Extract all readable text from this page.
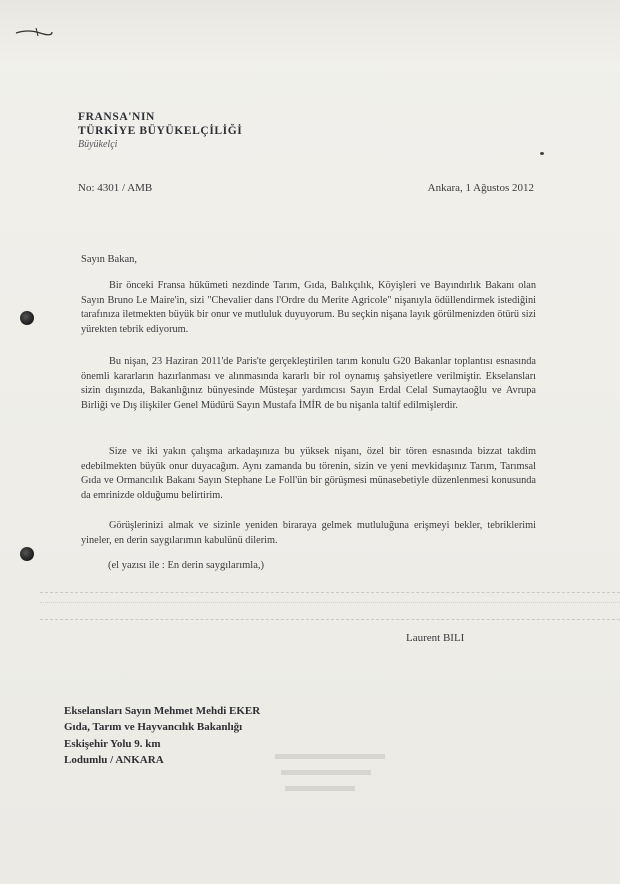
FRANSA'NIN
TÜRKİYE BÜYÜKELÇİLİĞİ
Büyükelçi
No: 4301 / AMB	Ankara, 1 Ağustos 2012
Sayın Bakan,
Bir önceki Fransa hükümeti nezdinde Tarım, Gıda, Balıkçılık, Köyişleri ve Bayındırlık Bakanı olan Sayın Bruno Le Maire'in, sizi "Chevalier dans l'Ordre du Merite Agricole" nişanıyla ödüllendirmek istediğini tarafınıza iletmekten büyük bir onur ve mutluluk duyuyorum. Bu seçkin nişana layık görülmenizden ötürü sizi yürekten tebrik ediyorum.
Bu nişan, 23 Haziran 2011'de Paris'te gerçekleştirilen tarım konulu G20 Bakanlar toplantısı esnasında önemli kararların hazırlanması ve alınmasında kararlı bir rol oynamış şahsiyetlere verilmiştir. Ekselansları sizin dışınızda, Bakanlığınız bünyesinde Müsteşar yardımcısı Sayın Erdal Celal Sumaytaoğlu ve Avrupa Birliği ve Dış ilişkiler Genel Müdürü Sayın Mustafa İMİR de bu nişanla taltif edilmişlerdir.
Size ve iki yakın çalışma arkadaşınıza bu yüksek nişanı, özel bir tören esnasında bizzat takdim edebilmekten büyük onur duyacağım. Aynı zamanda bu törenin, sizin ve yeni mevkidaşınız Tarım, Tarımsal Gıda ve Ormancılık Bakanı Sayın Stephane Le Foll'ün bir görüşmesi münasebetiyle düzenlenmesi konusunda da emrinizde olduğumu belirtirim.
Görüşlerinizi almak ve sizinle yeniden biraraya gelmek mutluluğuna erişmeyi bekler, tebriklerimi yineler, en derin saygılarımın kabulünü dilerim.
(el yazısı ile : En derin saygılarımla,)
Laurent BILI
Ekselansları Sayın Mehmet Mehdi EKER
Gıda, Tarım ve Hayvancılık Bakanlığı
Eskişehir Yolu 9. km
Lodumlu / ANKARA
